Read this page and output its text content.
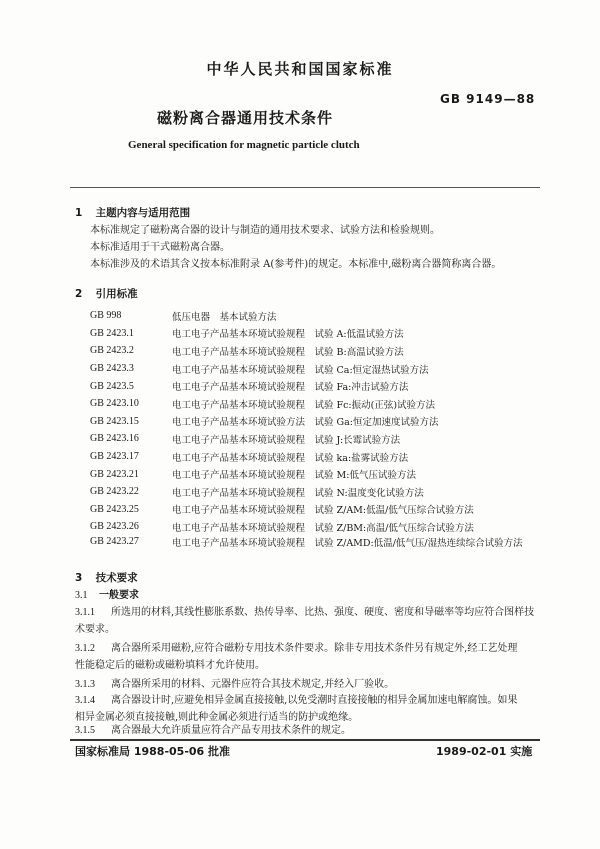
中华人民共和国国家标准
GB 9149—88
磁粉离合器通用技术条件
General specification for magnetic particle clutch
1 主题内容与适用范围

本标准规定了磁粉离合器的设计与制造的通用技术要求、试验方法和检验规则。

本标准适用于干式磁粉离合器。

本标准涉及的术语其含义按本标准附录 A(参考件)的规定。本标准中,磁粉离合器简称离合器。

2 引用标准
GB 998	低压电器　基本试验方法
GB 2423.1	电工电子产品基本环境试验规程　试验 A:低温试验方法
GB 2423.2	电工电子产品基本环境试验规程　试验 B:高温试验方法
GB 2423.3	电工电子产品基本环境试验规程　试验 Ca:恒定湿热试验方法
GB 2423.5	电工电子产品基本环境试验规程　试验 Fa:冲击试验方法
GB 2423.10	电工电子产品基本环境试验规程　试验 Fc:振动(正弦)试验方法
GB 2423.15	电工电子产品基本环境试验方法　试验 Ga:恒定加速度试验方法
GB 2423.16	电工电子产品基本环境试验规程　试验 J:长霉试验方法
GB 2423.17	电工电子产品基本环境试验规程　试验 ka:盐雾试验方法
GB 2423.21	电工电子产品基本环境试验规程　试验 M:低气压试验方法
GB 2423.22	电工电子产品基本环境试验规程　试验 N:温度变化试验方法
GB 2423.25	电工电子产品基本环境试验规程　试验 Z/AM:低温/低气压综合试验方法
GB 2423.26	电工电子产品基本环境试验规程　试验 Z/BM:高温/低气压综合试验方法
GB 2423.27	电工电子产品基本环境试验规程　试验 Z/AMD:低温/低气压/湿热连续综合试验方法
3 技术要求
3.1 一般要求
3.1.1 所选用的材料,其线性膨胀系数、热传导率、比热、强度、硬度、密度和导磁率等均应符合图样技
术要求。
3.1.2 离合器所采用磁粉,应符合磁粉专用技术条件要求。除非专用技术条件另有规定外,经工艺处理
性能稳定后的磁粉或磁粉填料才允许使用。
3.1.3 离合器所采用的材料、元器件应符合其技术规定,并经入厂验收。
3.1.4 离合器设计时,应避免相异金属直接接触,以免受潮时直接接触的相异金属加速电解腐蚀。如果
相异金属必须直接接触,则此种金属必须进行适当的防护或绝缘。
3.1.5 离合器最大允许质量应符合产品专用技术条件的规定。
国家标准局 1988-05-06 批准	1989-02-01 实施
